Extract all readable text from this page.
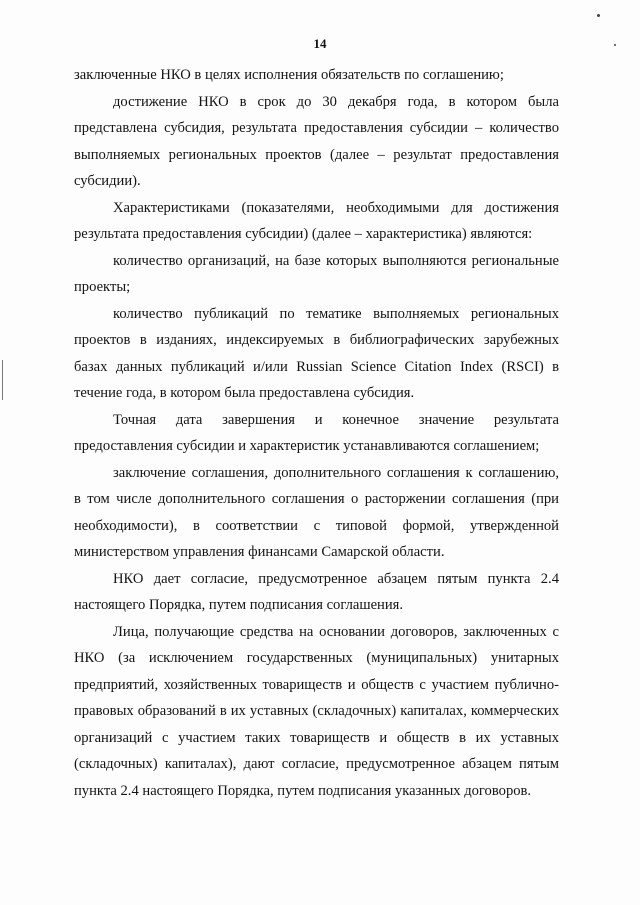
14

заключенные НКО в целях исполнения обязательств по соглашению;

достижение НКО в срок до 30 декабря года, в котором была представлена субсидия, результата предоставления субсидии – количество выполняемых региональных проектов (далее – результат предоставления субсидии).

Характеристиками (показателями, необходимыми для достижения результата предоставления субсидии) (далее – характеристика) являются:

количество организаций, на базе которых выполняются региональные проекты;

количество публикаций по тематике выполняемых региональных проектов в изданиях, индексируемых в библиографических зарубежных базах данных публикаций и/или Russian Science Citation Index (RSCI) в течение года, в котором была предоставлена субсидия.

Точная дата завершения и конечное значение результата предоставления субсидии и характеристик устанавливаются соглашением;

заключение соглашения, дополнительного соглашения к соглашению, в том числе дополнительного соглашения о расторжении соглашения (при необходимости), в соответствии с типовой формой, утвержденной министерством управления финансами Самарской области.

НКО дает согласие, предусмотренное абзацем пятым пункта 2.4 настоящего Порядка, путем подписания соглашения.

Лица, получающие средства на основании договоров, заключенных с НКО (за исключением государственных (муниципальных) унитарных предприятий, хозяйственных товариществ и обществ с участием публично-правовых образований в их уставных (складочных) капиталах, коммерческих организаций с участием таких товариществ и обществ в их уставных (складочных) капиталах), дают согласие, предусмотренное абзацем пятым пункта 2.4 настоящего Порядка, путем подписания указанных договоров.
